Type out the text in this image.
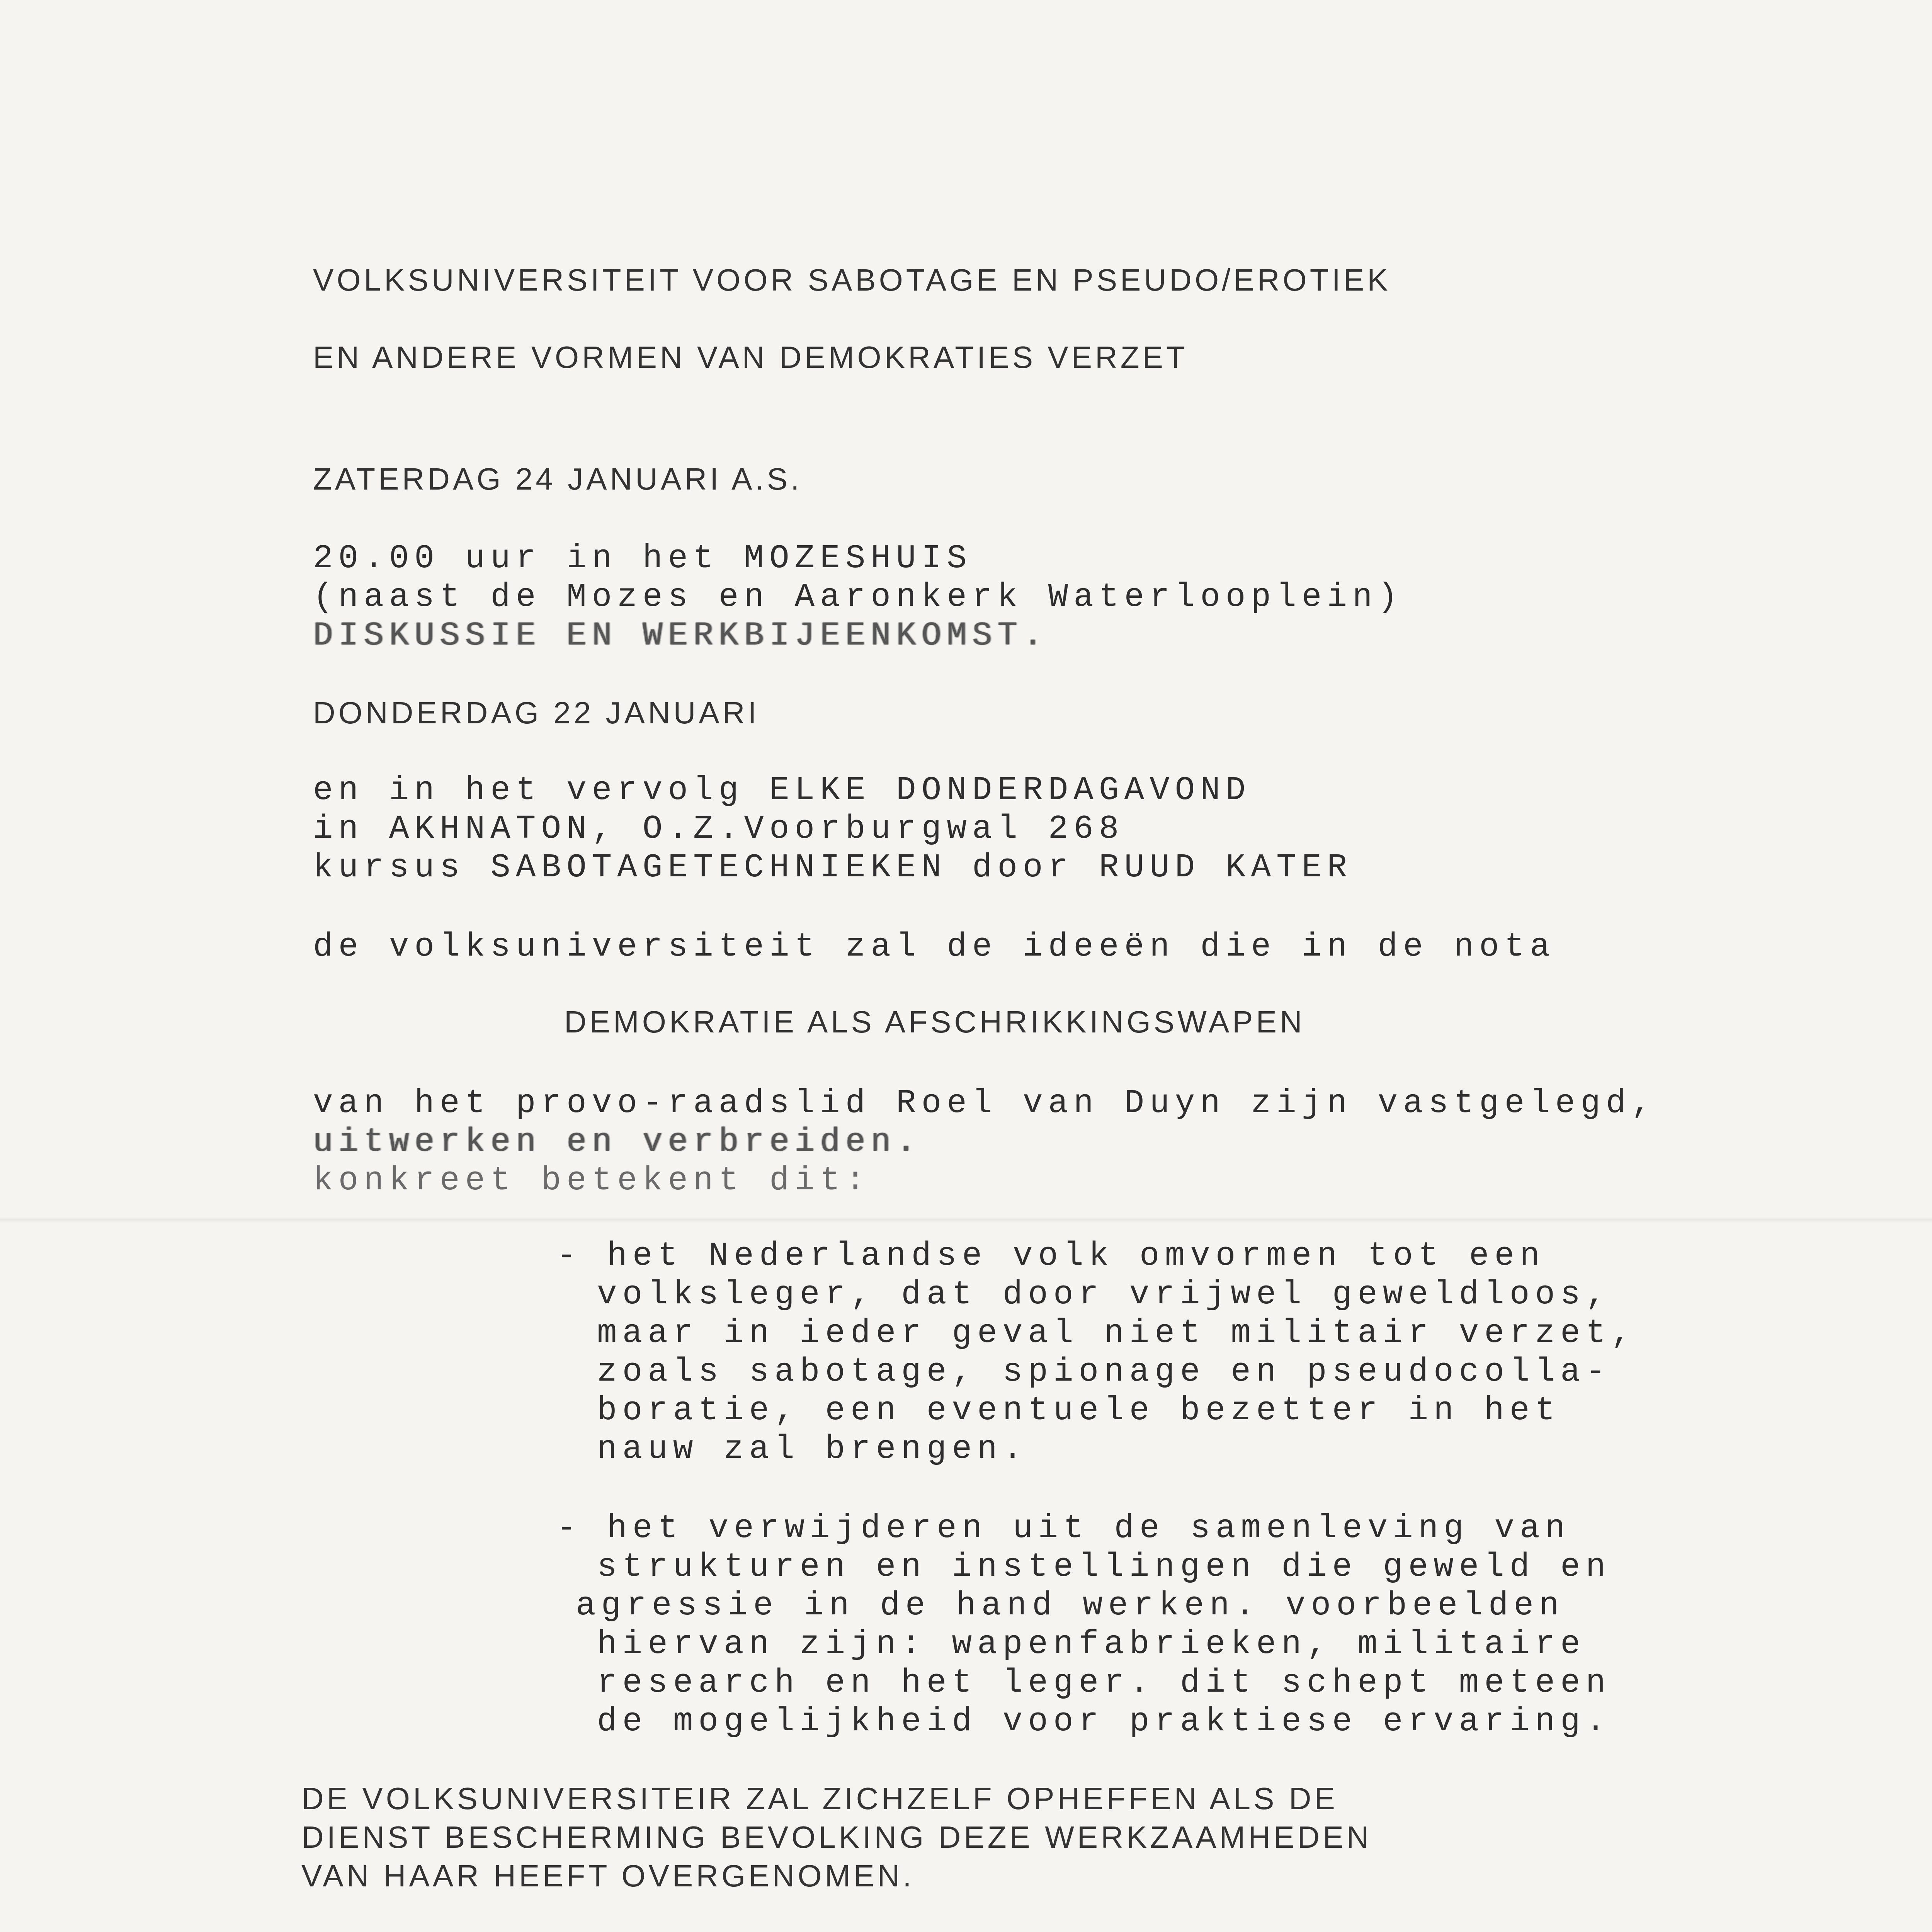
VOLKSUNIVERSITEIT VOOR SABOTAGE EN PSEUDO/EROTIEK
EN ANDERE VORMEN VAN DEMOKRATIES VERZET
ZATERDAG 24 JANUARI A.S.
20.00 uur in het MOZESHUIS
(naast de Mozes en Aaronkerk Waterlooplein)
DISKUSSIE EN WERKBIJEENKOMST.
DONDERDAG 22 JANUARI
en in het vervolg ELKE DONDERDAGAVOND
in AKHNATON, O.Z.Voorburgwal 268
kursus SABOTAGETECHNIEKEN door RUUD KATER
de volksuniversiteit zal de ideeën die in de nota
DEMOKRATIE ALS AFSCHRIKKINGSWAPEN
van het provo-raadslid Roel van Duyn zijn vastgelegd,
uitwerken en verbreiden.
konkreet betekent dit:
- het Nederlandse volk omvormen tot een
volksleger, dat door vrijwel geweldloos,
maar in ieder geval niet militair verzet,
zoals sabotage, spionage en pseudocolla-
boratie, een eventuele bezetter in het
nauw zal brengen.
- het verwijderen uit de samenleving van
strukturen en instellingen die geweld en
agressie in de hand werken. voorbeelden
hiervan zijn: wapenfabrieken, militaire
research en het leger. dit schept meteen
de mogelijkheid voor praktiese ervaring.
DE VOLKSUNIVERSITEIR ZAL ZICHZELF OPHEFFEN ALS DE
DIENST BESCHERMING BEVOLKING DEZE WERKZAAMHEDEN
VAN HAAR HEEFT OVERGENOMEN.
